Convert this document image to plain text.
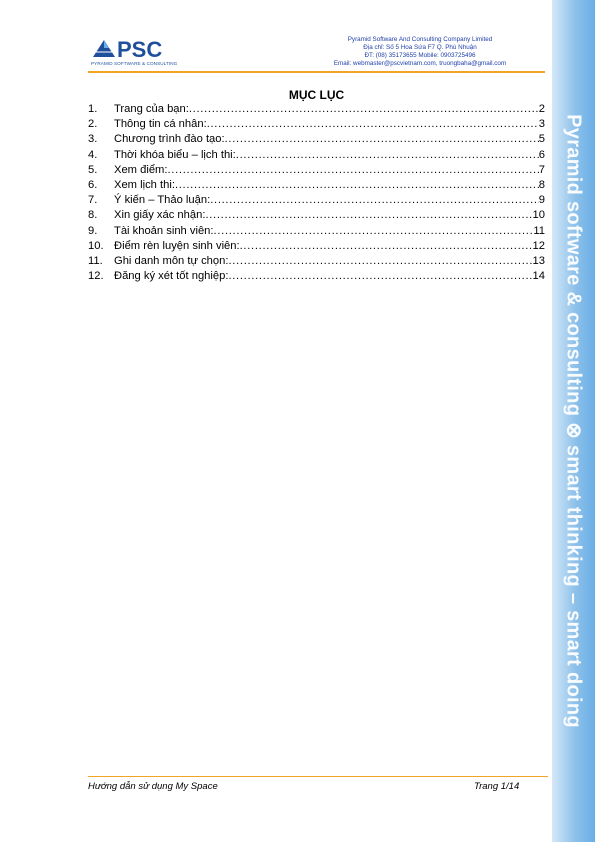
Pyramid software & consulting ⊗ smart thinking – smart doing
PSC
PYRAMID SOFTWARE & CONSULTING
Pyramid Software And Consulting Company Limited
Địa chỉ: Số 5 Hoa Sứa F7 Q. Phú Nhuận
ĐT: (08) 35173655 Mobile: 0903725496
Email: webmaster@pscvietnam.com, truongbaha@gmail.com
MỤC LỤC
1.	Trang của bạn: .....	2
2.	Thông tin cá nhân: .....	3
3.	Chương trình đào tạo: .....	5
4.	Thời khóa biểu – lịch thi: .....	6
5.	Xem điểm: .....	7
6.	Xem lịch thi: .....	8
7.	Ý kiến – Thảo luận: .....	9
8.	Xin giấy xác nhận: .....	10
9.	Tài khoản sinh viên: .....	11
10. Điểm rèn luyện sinh viên: .....	12
11.	Ghi danh môn tự chọn: .....	13
12. Đăng ký xét tốt nghiệp: .....	14
Hướng dẫn sử dụng My Space	Trang 1/14
